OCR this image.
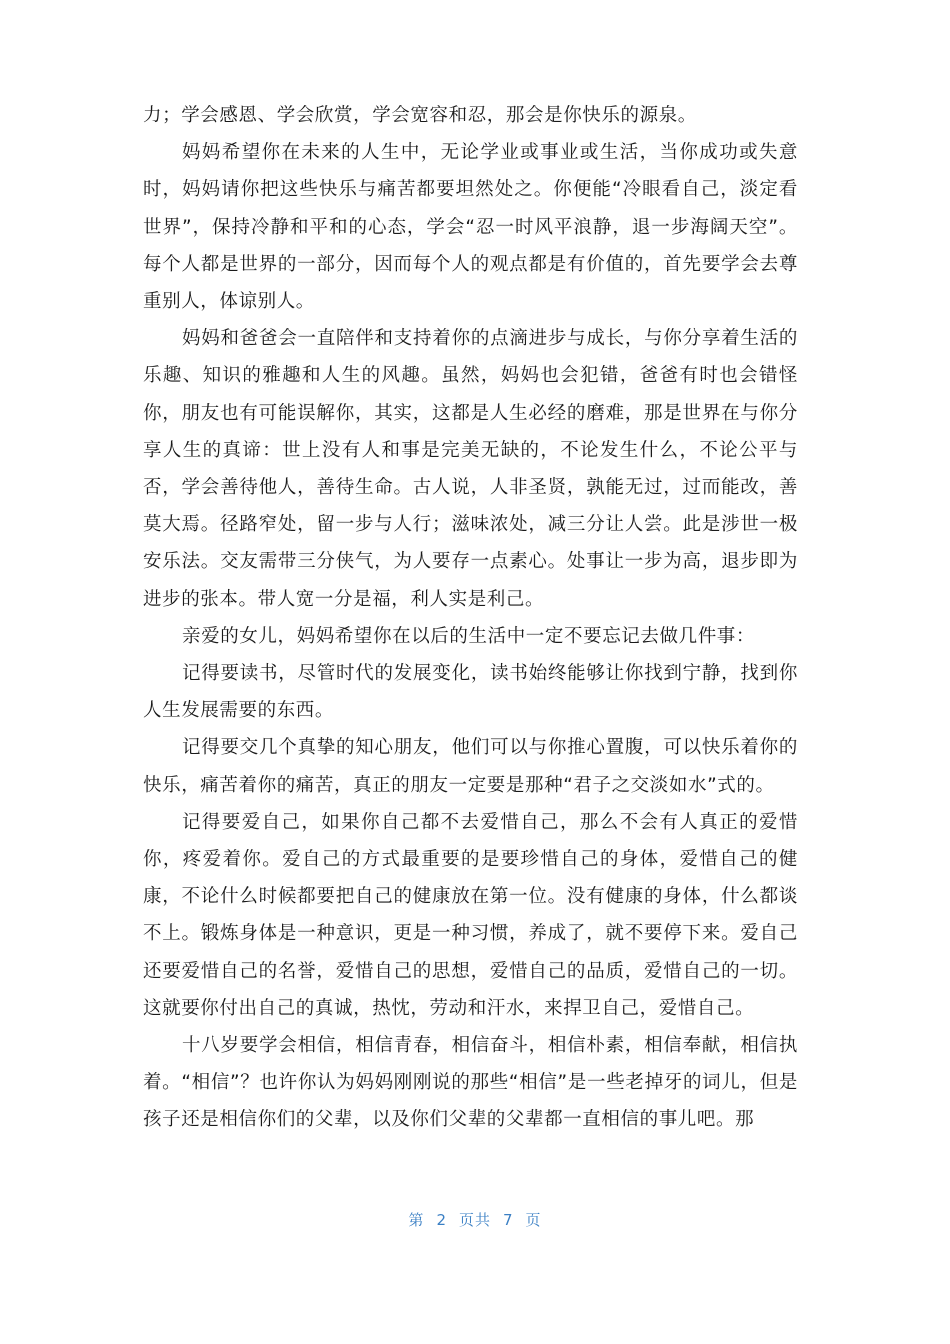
力；学会感恩、学会欣赏，学会宽容和忍，那会是你快乐的源泉。

妈妈希望你在未来的人生中，无论学业或事业或生活，当你成功或失意时，妈妈请你把这些快乐与痛苦都要坦然处之。你便能“冷眼看自己，淡定看世界”，保持冷静和平和的心态，学会“忍一时风平浪静，退一步海阔天空”。每个人都是世界的一部分，因而每个人的观点都是有价值的，首先要学会去尊重别人，体谅别人。

妈妈和爸爸会一直陪伴和支持着你的点滴进步与成长，与你分享着生活的乐趣、知识的雅趣和人生的风趣。虽然，妈妈也会犯错，爸爸有时也会错怪你，朋友也有可能误解你，其实，这都是人生必经的磨难，那是世界在与你分享人生的真谛：世上没有人和事是完美无缺的，不论发生什么，不论公平与否，学会善待他人，善待生命。古人说，人非圣贤，孰能无过，过而能改，善莫大焉。径路窄处，留一步与人行；滋味浓处，减三分让人尝。此是涉世一极安乐法。交友需带三分侠气，为人要存一点素心。处事让一步为高，退步即为进步的张本。带人宽一分是福，利人实是利己。

亲爱的女儿，妈妈希望你在以后的生活中一定不要忘记去做几件事：

记得要读书，尽管时代的发展变化，读书始终能够让你找到宁静，找到你人生发展需要的东西。

记得要交几个真挚的知心朋友，他们可以与你推心置腹，可以快乐着你的快乐，痛苦着你的痛苦，真正的朋友一定要是那种“君子之交淡如水”式的。

记得要爱自己，如果你自己都不去爱惜自己，那么不会有人真正的爱惜你，疼爱着你。爱自己的方式最重要的是要珍惜自己的身体，爱惜自己的健康，不论什么时候都要把自己的健康放在第一位。没有健康的身体，什么都谈不上。锻炼身体是一种意识，更是一种习惯，养成了，就不要停下来。爱自己还要爱惜自己的名誉，爱惜自己的思想，爱惜自己的品质，爱惜自己的一切。这就要你付出自己的真诚，热忱，劳动和汗水，来捍卫自己，爱惜自己。

十八岁要学会相信，相信青春，相信奋斗，相信朴素，相信奉献，相信执着。“相信”？也许你认为妈妈刚刚说的那些“相信”是一些老掉牙的词儿，但是孩子还是相信你们的父辈，以及你们父辈的父辈都一直相信的事儿吧。那

第 2 页共 7 页
